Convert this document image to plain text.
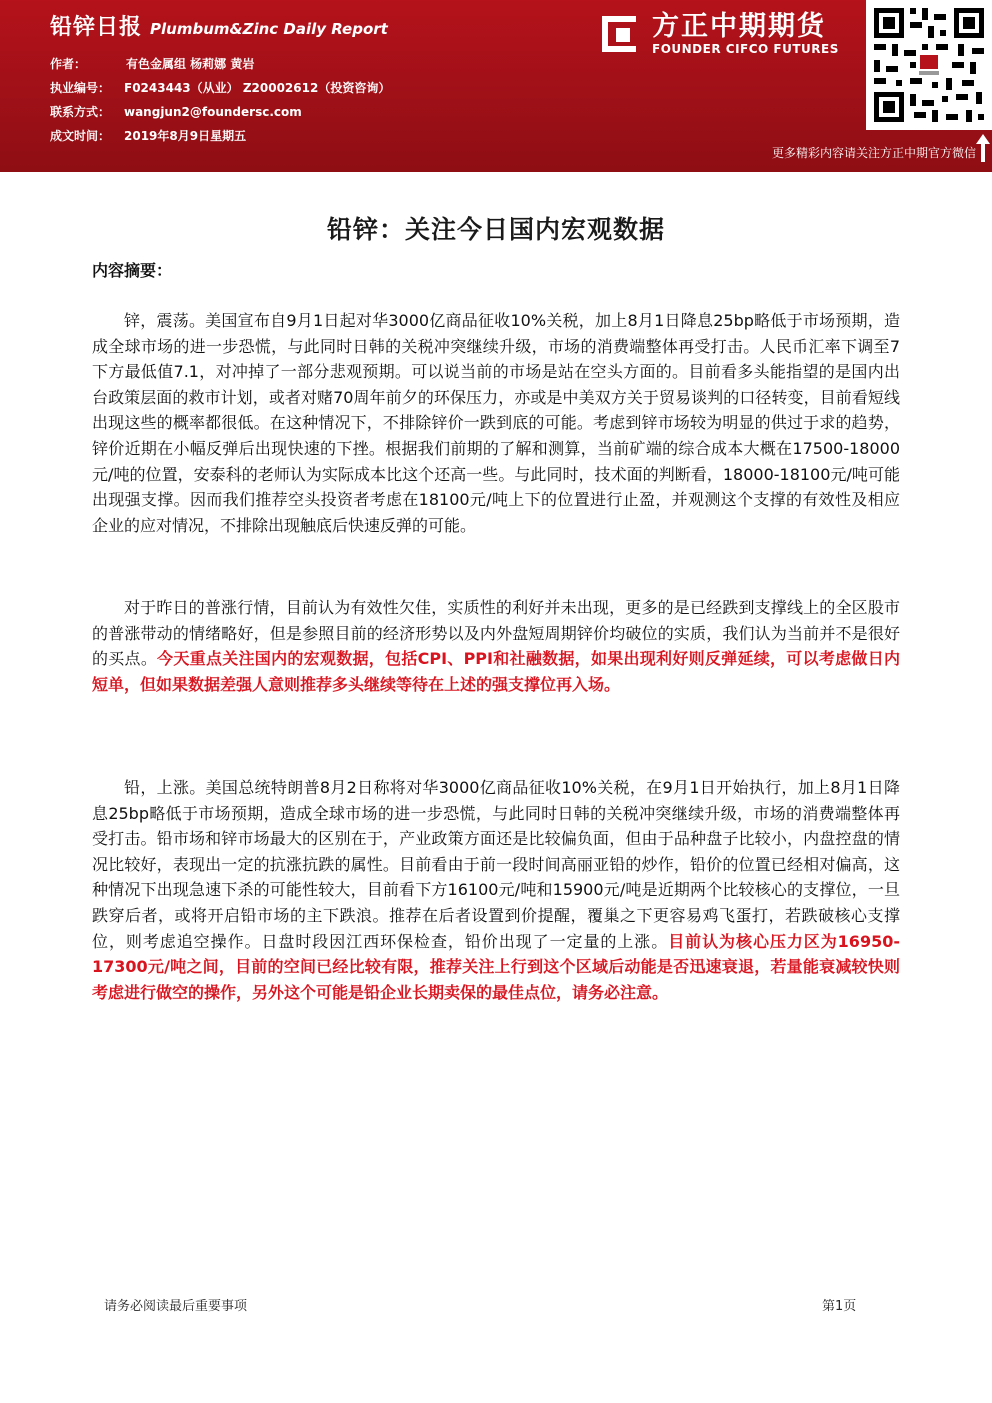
铅锌日报 Plumbum&Zinc Daily Report
作者：	有色金属组 杨莉娜 黄岩
执业编号：	F0243443（从业） Z20002612（投资咨询）
联系方式：	wangjun2@foundersc.com
成文时间：	2019年8月9日星期五
方正中期期货
FOUNDER CIFCO FUTURES
更多精彩内容请关注方正中期官方微信
铅锌：关注今日国内宏观数据
内容摘要：

锌，震荡。美国宣布自9月1日起对华3000亿商品征收10%关税，加上8月1日降息25bp略低于市场预期，造成全球市场的进一步恐慌，与此同时日韩的关税冲突继续升级，市场的消费端整体再受打击。人民币汇率下调至7下方最低值7.1，对冲掉了一部分悲观预期。可以说当前的市场是站在空头方面的。目前看多头能指望的是国内出台政策层面的救市计划，或者对赌70周年前夕的环保压力，亦或是中美双方关于贸易谈判的口径转变，目前看短线出现这些的概率都很低。在这种情况下，不排除锌价一跌到底的可能。考虑到锌市场较为明显的供过于求的趋势，锌价近期在小幅反弹后出现快速的下挫。根据我们前期的了解和测算，当前矿端的综合成本大概在17500-18000元/吨的位置，安泰科的老师认为实际成本比这个还高一些。与此同时，技术面的判断看，18000-18100元/吨可能出现强支撑。因而我们推荐空头投资者考虑在18100元/吨上下的位置进行止盈，并观测这个支撑的有效性及相应企业的应对情况，不排除出现触底后快速反弹的可能。

对于昨日的普涨行情，目前认为有效性欠佳，实质性的利好并未出现，更多的是已经跌到支撑线上的全区股市的普涨带动的情绪略好，但是参照目前的经济形势以及内外盘短周期锌价均破位的实质，我们认为当前并不是很好的买点。今天重点关注国内的宏观数据，包括CPI、PPI和社融数据，如果出现利好则反弹延续，可以考虑做日内短单，但如果数据差强人意则推荐多头继续等待在上述的强支撑位再入场。

铅，上涨。美国总统特朗普8月2日称将对华3000亿商品征收10%关税，在9月1日开始执行，加上8月1日降息25bp略低于市场预期，造成全球市场的进一步恐慌，与此同时日韩的关税冲突继续升级，市场的消费端整体再受打击。铅市场和锌市场最大的区别在于，产业政策方面还是比较偏负面，但由于品种盘子比较小，内盘控盘的情况比较好，表现出一定的抗涨抗跌的属性。目前看由于前一段时间高丽亚铅的炒作，铅价的位置已经相对偏高，这种情况下出现急速下杀的可能性较大，目前看下方16100元/吨和15900元/吨是近期两个比较核心的支撑位，一旦跌穿后者，或将开启铅市场的主下跌浪。推荐在后者设置到价提醒，覆巢之下更容易鸡飞蛋打，若跌破核心支撑位，则考虑追空操作。日盘时段因江西环保检查，铅价出现了一定量的上涨。目前认为核心压力区为16950-17300元/吨之间，目前的空间已经比较有限，推荐关注上行到这个区域后动能是否迅速衰退，若量能衰减较快则考虑进行做空的操作，另外这个可能是铅企业长期卖保的最佳点位，请务必注意。

请务必阅读最后重要事项	第1页
